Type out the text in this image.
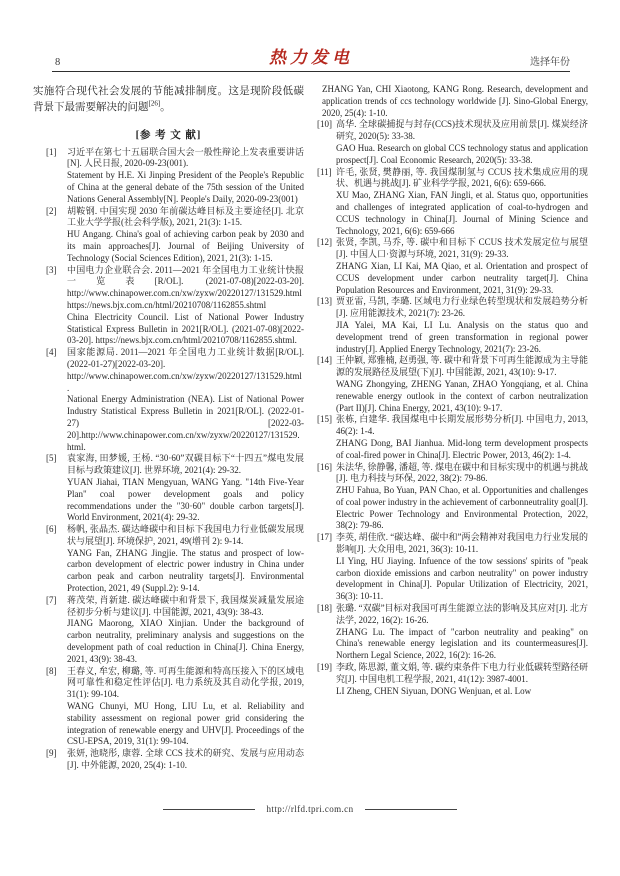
8	热力发电	选择年份

实施符合现代社会发展的节能减排制度。这是现阶段低碳背景下最需要解决的问题[26]。

[参 考 文 献]
[1] 习近平在第七十五届联合国大会一般性辩论上发表重要讲话[N]. 人民日报, 2020-09-23(001).

Statement by H.E. Xi Jinping President of the People's Republic of China at the general debate of the 75th session of the United Nations General Assembly[N]. People's Daily, 2020-09-23(001)

[2] 胡鞍钢. 中国实现 2030 年前碳达峰目标及主要途径[J]. 北京工业大学学报(社会科学版), 2021, 21(3): 1-15.

HU Angang. China's goal of achieving carbon peak by 2030 and its main approaches[J]. Journal of Beijing University of Technology (Social Sciences Edition), 2021, 21(3): 1-15.

[3] 中国电力企业联合会. 2011—2021 年全国电力工业统计快报一览表[R/OL]. (2021-07-08)[2022-03-20]. http://www.chinapower.com.cn/xw/zyxw/20220127/131529.html

https://news.bjx.com.cn/html/20210708/1162855.shtml

China Electricity Council. List of National Power Industry Statistical Express Bulletin in 2021[R/OL]. (2021-07-08)[2022-03-20]. https://news.bjx.com.cn/html/20210708/1162855.shtml.

[4] 国家能源局. 2011—2021 年全国电力工业统计数据[R/OL]. (2022-01-27)[2022-03-20]. http://www.chinapower.com.cn/xw/zyxw/20220127/131529.html.

National Energy Administration (NEA). List of National Power Industry Statistical Express Bulletin in 2021[R/OL]. (2022-01-27) [2022-03-20].http://www.chinapower.com.cn/xw/zyxw/20220127/131529.html.

[5] 袁家海, 田梦媛, 王杨. “30·60”双碳目标下“十四五”煤电发展目标与政策建议[J]. 世界环境, 2021(4): 29-32.

YUAN Jiahai, TIAN Mengyuan, WANG Yang. "14th Five-Year Plan" coal power development goals and policy recommendations under the "30·60" double carbon targets[J]. World Environment, 2021(4): 29-32.

[6] 杨帆, 张晶杰. 碳达峰碳中和目标下我国电力行业低碳发展现状与展望[J]. 环境保护, 2021, 49(增刊 2): 9-14.

YANG Fan, ZHANG Jingjie. The status and prospect of low-carbon development of electric power industry in China under carbon peak and carbon neutrality targets[J]. Environmental Protection, 2021, 49 (Suppl.2): 9-14.

[7] 蒋茂荣, 肖新建. 碳达峰碳中和背景下, 我国煤炭减量发展途径初步分析与建议[J]. 中国能源, 2021, 43(9): 38-43.

JIANG Maorong, XIAO Xinjian. Under the background of carbon neutrality, preliminary analysis and suggestions on the development path of coal reduction in China[J]. China Energy, 2021, 43(9): 38-43.

[8] 王春义, 牟宏, 柳璐, 等. 可再生能源和特高压接入下的区域电网可靠性和稳定性评估[J]. 电力系统及其自动化学报, 2019, 31(1): 99-104.

WANG Chunyi, MU Hong, LIU Lu, et al. Reliability and stability assessment on regional power grid considering the integration of renewable energy and UHV[J]. Proceedings of the CSU-EPSA, 2019, 31(1): 99-104.

[9] 张妍, 池晓彤, 康蓉. 全球 CCS 技术的研究、发展与应用动态[J]. 中外能源, 2020, 25(4): 1-10.

ZHANG Yan, CHI Xiaotong, KANG Rong. Research, development and application trends of ccs technology worldwide [J]. Sino-Global Energy, 2020, 25(4): 1-10.

[10] 高华. 全球碳捕捉与封存(CCS)技术现状及应用前景[J]. 煤炭经济研究, 2020(5): 33-38.

GAO Hua. Research on global CCS technology status and application prospect[J]. Coal Economic Research, 2020(5): 33-38.

[11] 许毛, 张贤, 樊静丽, 等. 我国煤制氢与 CCUS 技术集成应用的现状、机遇与挑战[J]. 矿业科学学报, 2021, 6(6): 659-666.

XU Mao, ZHANG Xian, FAN Jingli, et al. Status quo, opportunities and challenges of integrated application of coal-to-hydrogen and CCUS technology in China[J]. Journal of Mining Science and Technology, 2021, 6(6): 659-666

[12] 张贤, 李凯, 马乔, 等. 碳中和目标下 CCUS 技术发展定位与展望[J]. 中国人口·资源与环境, 2021, 31(9): 29-33.

ZHANG Xian, LI Kai, MA Qiao, et al. Orientation and prospect of CCUS development under carbon neutrality target[J]. China Population Resources and Environment, 2021, 31(9): 29-33.

[13] 贾亚雷, 马凯, 李璐. 区域电力行业绿色转型现状和发展趋势分析[J]. 应用能源技术, 2021(7): 23-26.

JIA Yalei, MA Kai, LI Lu. Analysis on the status quo and development trend of green transformation in regional power industry[J]. Applied Energy Technology, 2021(7): 23-26.

[14] 王仲颖, 郑雅楠, 赵勇强, 等. 碳中和背景下可再生能源成为主导能源的发展路径及展望(下)[J]. 中国能源, 2021, 43(10): 9-17.

WANG Zhongying, ZHENG Yanan, ZHAO Yongqiang, et al. China renewable energy outlook in the context of carbon neutralization (Part II)[J]. China Energy, 2021, 43(10): 9-17.

[15] 张栋, 白建华. 我国煤电中长期发展形势分析[J]. 中国电力, 2013, 46(2): 1-4.

ZHANG Dong, BAI Jianhua. Mid-long term development prospects of coal-fired power in China[J]. Electric Power, 2013, 46(2): 1-4.

[16] 朱法华, 徐静馨, 潘超, 等. 煤电在碳中和目标实现中的机遇与挑战[J]. 电力科技与环保, 2022, 38(2): 79-86.

ZHU Fahua, Bo Yuan, PAN Chao, et al. Opportunities and challenges of coal power industry in the achievement of carbonneutrality goal[J]. Electric Power Technology and Environmental Protection, 2022, 38(2): 79-86.

[17] 李英, 胡佳欣. “碳达峰、碳中和”两会精神对我国电力行业发展的影响[J]. 大众用电, 2021, 36(3): 10-11.

LI Ying, HU Jiaying. Infuence of the tow sessions' spirits of "peak carbon dioxide emissions and carbon neutrality" on power industry development in China[J]. Popular Utilization of Electricity, 2021, 36(3): 10-11.

[18] 张璐. “双碳”目标对我国可再生能源立法的影响及其应对[J]. 北方法学, 2022, 16(2): 16-26.

ZHANG Lu. The impact of "carbon neutrality and peaking" on China's renewable energy legislation and its countermeasures[J]. Northern Legal Science, 2022, 16(2): 16-26.

[19] 李政, 陈思源, 董文娟, 等. 碳约束条件下电力行业低碳转型路径研究[J]. 中国电机工程学报, 2021, 41(12): 3987-4001.

LI Zheng, CHEN Siyuan, DONG Wenjuan, et al. Low

http://rlfd.tpri.com.cn
